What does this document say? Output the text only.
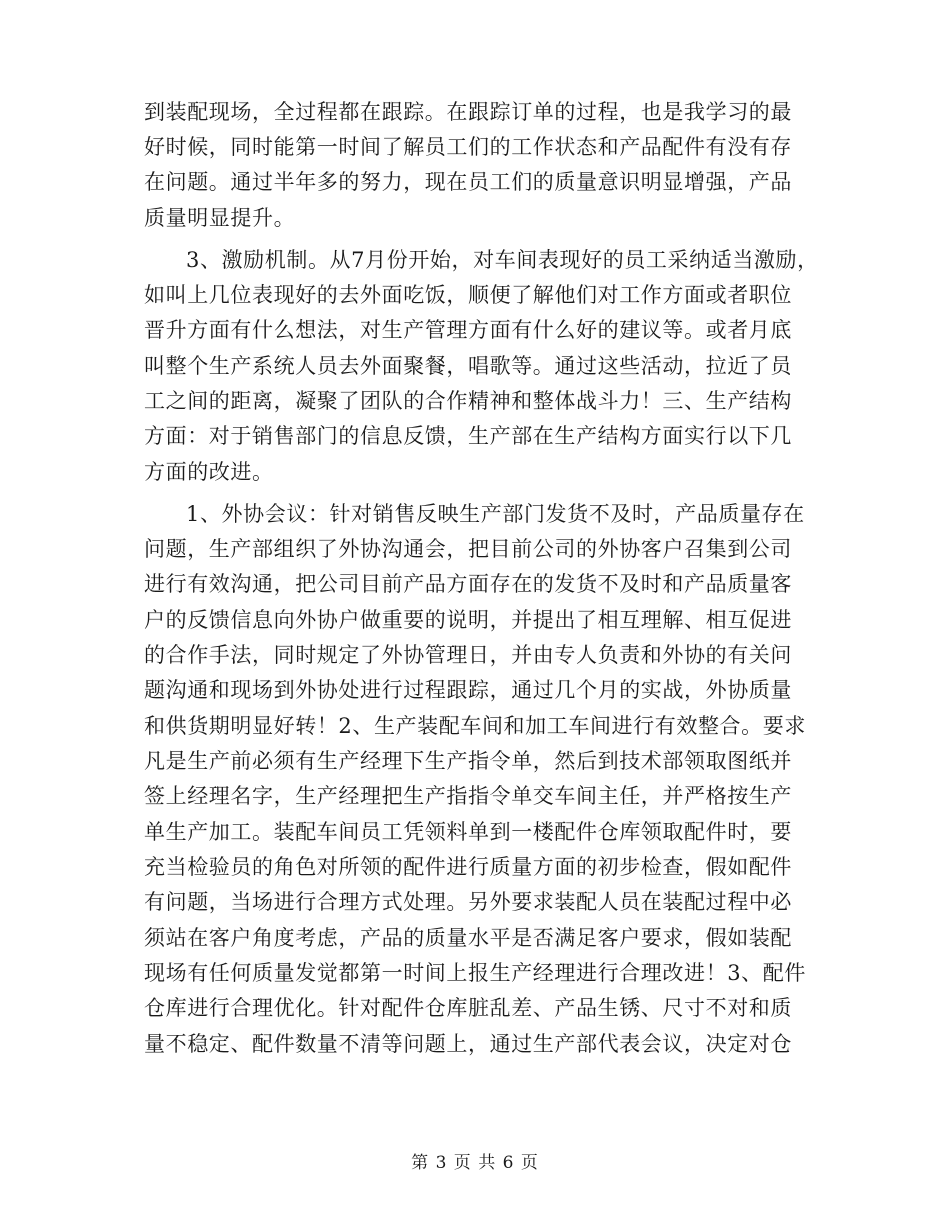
到装配现场，全过程都在跟踪。在跟踪订单的过程，也是我学习的最
好时候，同时能第一时间了解员工们的工作状态和产品配件有没有存
在问题。通过半年多的努力，现在员工们的质量意识明显增强，产品
质量明显提升。
3、激励机制。从7月份开始，对车间表现好的员工采纳适当激励，
如叫上几位表现好的去外面吃饭，顺便了解他们对工作方面或者职位
晋升方面有什么想法，对生产管理方面有什么好的建议等。或者月底
叫整个生产系统人员去外面聚餐，唱歌等。通过这些活动，拉近了员
工之间的距离，凝聚了团队的合作精神和整体战斗力！三、生产结构
方面：对于销售部门的信息反馈，生产部在生产结构方面实行以下几
方面的改进。
1、外协会议：针对销售反映生产部门发货不及时，产品质量存在
问题，生产部组织了外协沟通会，把目前公司的外协客户召集到公司
进行有效沟通，把公司目前产品方面存在的发货不及时和产品质量客
户的反馈信息向外协户做重要的说明，并提出了相互理解、相互促进
的合作手法，同时规定了外协管理日，并由专人负责和外协的有关问
题沟通和现场到外协处进行过程跟踪，通过几个月的实战，外协质量
和供货期明显好转！2、生产装配车间和加工车间进行有效整合。要求
凡是生产前必须有生产经理下生产指令单，然后到技术部领取图纸并
签上经理名字，生产经理把生产指指令单交车间主任，并严格按生产
单生产加工。装配车间员工凭领料单到一楼配件仓库领取配件时，要
充当检验员的角色对所领的配件进行质量方面的初步检查，假如配件
有问题，当场进行合理方式处理。另外要求装配人员在装配过程中必
须站在客户角度考虑，产品的质量水平是否满足客户要求，假如装配
现场有任何质量发觉都第一时间上报生产经理进行合理改进！3、配件
仓库进行合理优化。针对配件仓库脏乱差、产品生锈、尺寸不对和质
量不稳定、配件数量不清等问题上，通过生产部代表会议，决定对仓
第 3 页 共 6 页
